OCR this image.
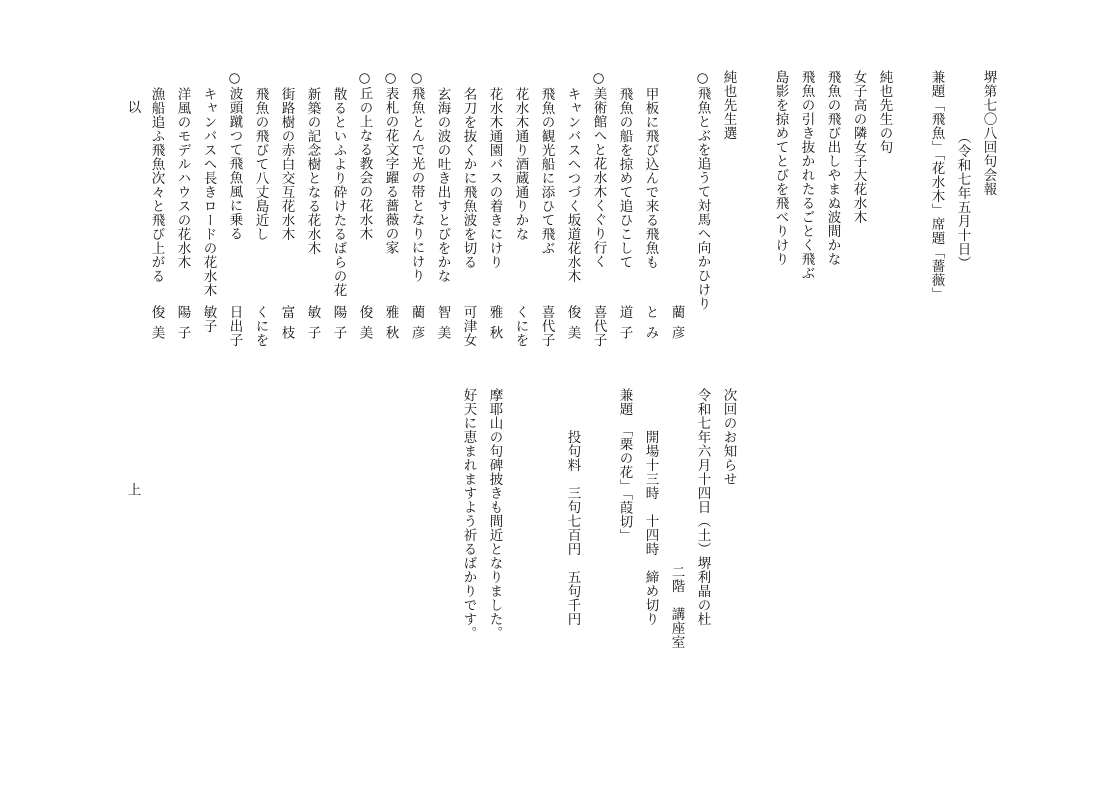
堺第七〇八回句会報
（令和七年五月十日）
兼題「飛魚」「花水木」席題「薔薇」
純也先生の句
女子高の隣女子大花水木
飛魚の飛び出しやまぬ波間かな
飛魚の引き抜かれたるごとく飛ぶ
島影を掠めてとびを飛べりけり
純也先生選
○飛魚とぶを追うて対馬へ向かひけり
藺彦
甲板に飛び込んで来る飛魚も
とみ
飛魚の船を掠めて追ひこして
道子
○美術館へと花水木くぐり行く
喜代子
キャンバスへつづく坂道花水木
俊美
飛魚の観光船に添ひて飛ぶ
喜代子
花水木通り酒蔵通りかな
くにを
花水木通園バスの着きにけり
雅秋
名刀を抜くかに飛魚波を切る
可津女
玄海の波の吐き出すとびをかな
智美
○飛魚とんで光の帯となりにけり
藺彦
○表札の花文字躍る薔薇の家
雅秋
○丘の上なる教会の花水木
俊美
散るといふより砕けたるばらの花
陽子
新築の記念樹となる花水木
敏子
街路樹の赤白交互花水木
富枝
飛魚の飛びて八丈島近し
くにを
○波頭蹴つて飛魚風に乗る
日出子
キャンバスへ長きロードの花水木
敏子
洋風のモデルハウスの花水木
陽子
漁船追ふ飛魚次々と飛び上がる
俊美
以　　上	次回のお知らせ
令和七年六月十四日（土）堺利晶の杜
二階　講座室
開場十三時　十四時　締め切り
兼題　「栗の花」「葭切」
投句料　三句七百円　五句千円
摩耶山の句碑披きも間近となりました。
好天に恵まれますよう祈るばかりです。
